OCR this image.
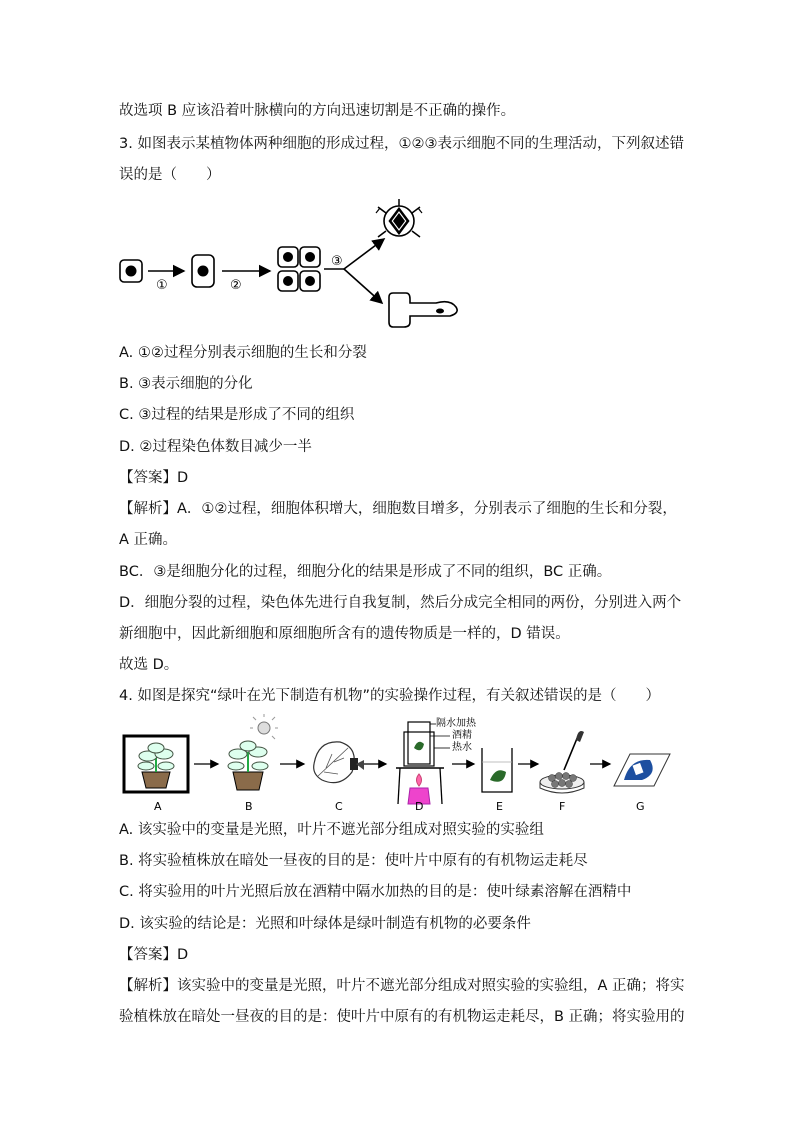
故选项 B 应该沿着叶脉横向的方向迅速切割是不正确的操作。
3. 如图表示某植物体两种细胞的形成过程，①②③表示细胞不同的生理活动，下列叙述错
误的是（　　）
①	②
③
A. ①②过程分别表示细胞的生长和分裂
B. ③表示细胞的分化
C. ③过程的结果是形成了不同的组织
D. ②过程染色体数目减少一半
【答案】D
【解析】A．①②过程，细胞体积增大，细胞数目增多，分别表示了细胞的生长和分裂，
A 正确。
BC．③是细胞分化的过程，细胞分化的结果是形成了不同的组织，BC 正确。
D．细胞分裂的过程，染色体先进行自我复制，然后分成完全相同的两份，分别进入两个
新细胞中，因此新细胞和原细胞所含有的遗传物质是一样的，D 错误。
故选 D。
4. 如图是探究“绿叶在光下制造有机物”的实验操作过程，有关叙述错误的是（　　）
隔水加热
酒精
热水
A	B	C	D	E	F	G
A. 该实验中的变量是光照，叶片不遮光部分组成对照实验的实验组
B. 将实验植株放在暗处一昼夜的目的是：使叶片中原有的有机物运走耗尽
C. 将实验用的叶片光照后放在酒精中隔水加热的目的是：使叶绿素溶解在酒精中
D. 该实验的结论是：光照和叶绿体是绿叶制造有机物的必要条件
【答案】D
【解析】该实验中的变量是光照，叶片不遮光部分组成对照实验的实验组，A 正确；将实
验植株放在暗处一昼夜的目的是：使叶片中原有的有机物运走耗尽，B 正确；将实验用的
